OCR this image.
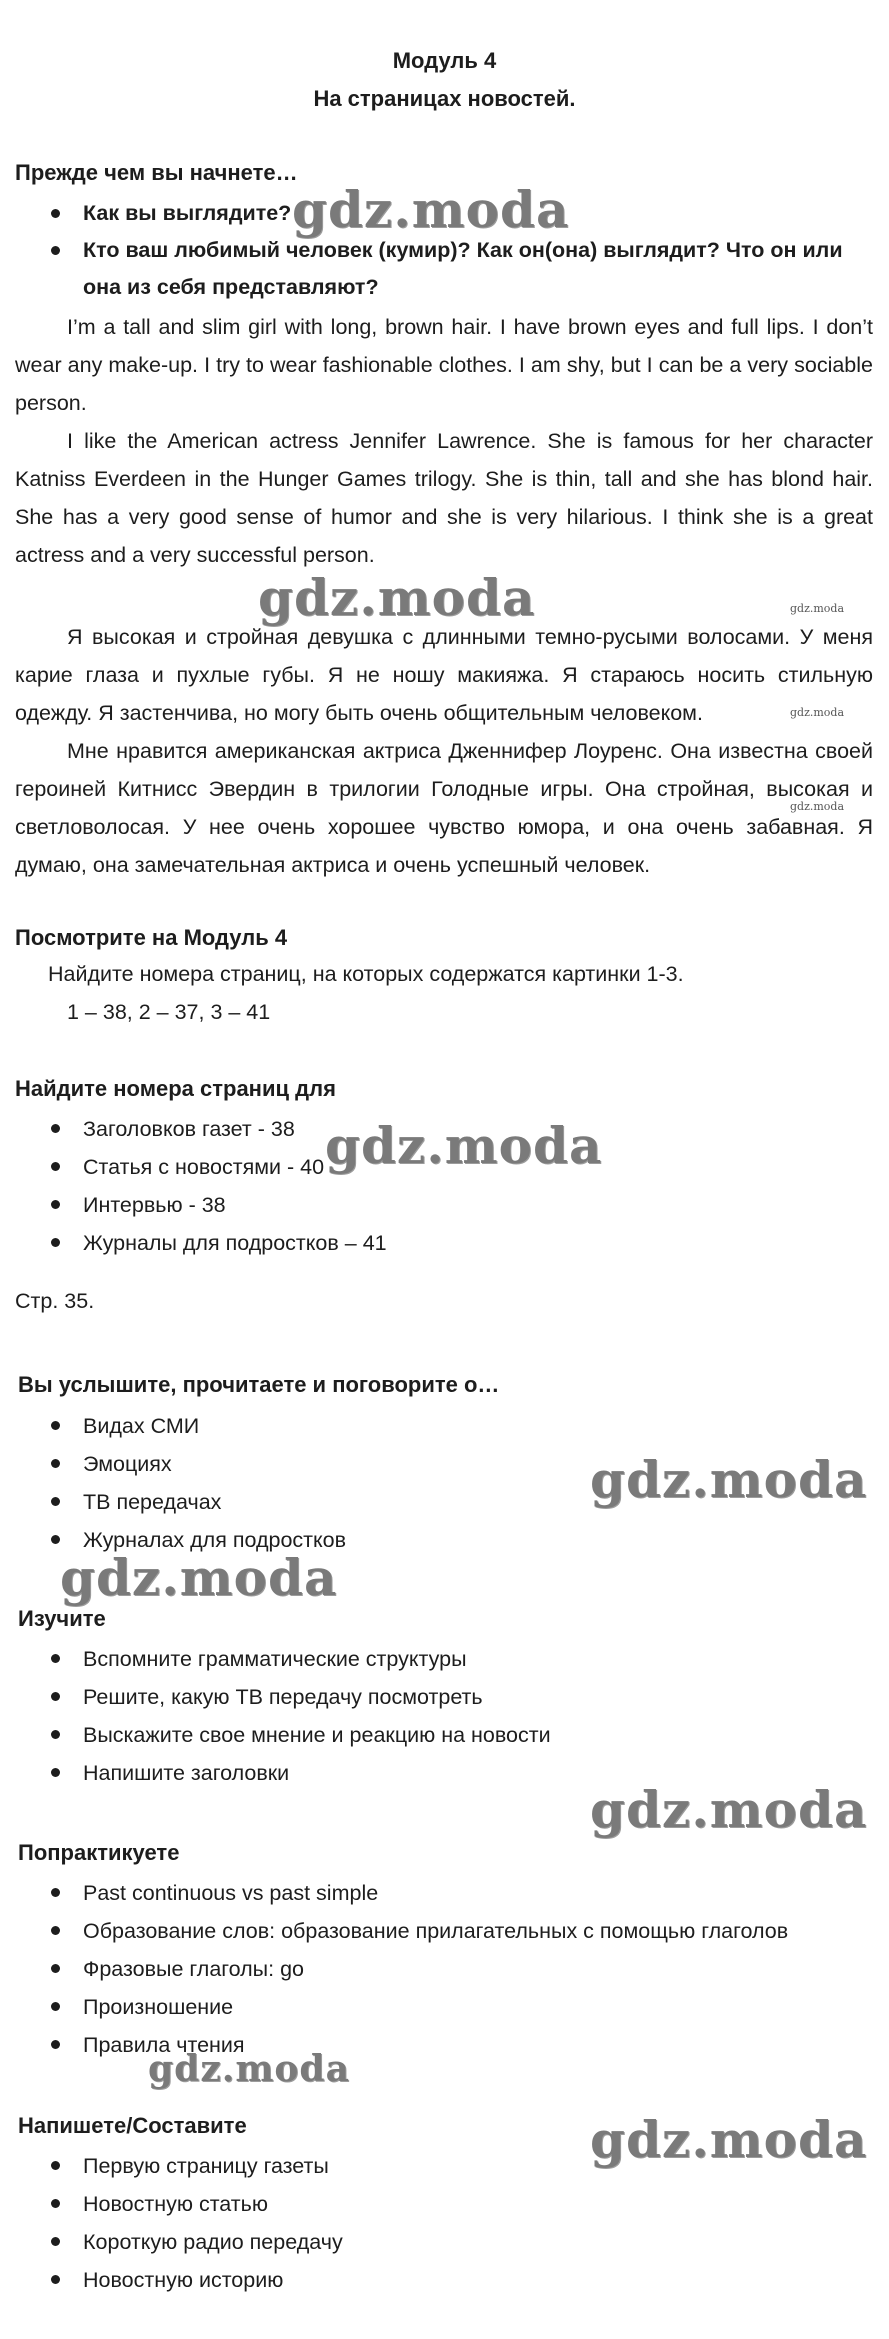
Модуль 4
На страницах новостей.
Прежде чем вы начнете…
Как вы выглядите?
Кто ваш любимый человек (кумир)? Как он(она) выглядит? Что он или она из себя представляют?

I’m a tall and slim girl with long, brown hair. I have brown eyes and full lips. I don’t wear any make-up. I try to wear fashionable clothes. I am shy, but I can be a very sociable person.

I like the American actress Jennifer Lawrence. She is famous for her character Katniss Everdeen in the Hunger Games trilogy. She is thin, tall and she has blond hair. She has a very good sense of humor and she is very hilarious. I think she is a great actress and a very successful person.

Я высокая и стройная девушка с длинными темно-русыми волосами. У меня карие глаза и пухлые губы. Я не ношу макияжа. Я стараюсь носить стильную одежду. Я застенчива, но могу быть очень общительным человеком.

Мне нравится американская актриса Дженнифер Лоуренс. Она известна своей героиней Китнисс Эвердин в трилогии Голодные игры. Она стройная, высокая и светловолосая. У нее очень хорошее чувство юмора, и она очень забавная. Я думаю, она замечательная актриса и очень успешный человек.

Посмотрите на Модуль 4
Найдите номера страниц, на которых содержатся картинки 1-3.
1 – 38, 2 – 37, 3 – 41
Найдите номера страниц для
Заголовков газет - 38
Статья с новостями - 40
Интервью - 38
Журналы для подростков – 41
Стр. 35.
Вы услышите, прочитаете и поговорите о…
Видах СМИ
Эмоциях
ТВ передачах
Журналах для подростков
Изучите
Вспомните грамматические структуры
Решите, какую ТВ передачу посмотреть
Выскажите свое мнение и реакцию на новости
Напишите заголовки
Попрактикуете
Past continuous vs past simple
Образование слов: образование прилагательных с помощью глаголов
Фразовые глаголы: go
Произношение
Правила чтения
Напишете/Составите
Первую страницу газеты
Новостную статью
Короткую радио передачу
Новостную историю
gdz.moda
gdz.moda	gdz.moda
gdz.moda
gdz.moda
gdz.moda
gdz.moda
gdz.moda
gdz.moda
gdz.moda
gdz.moda
